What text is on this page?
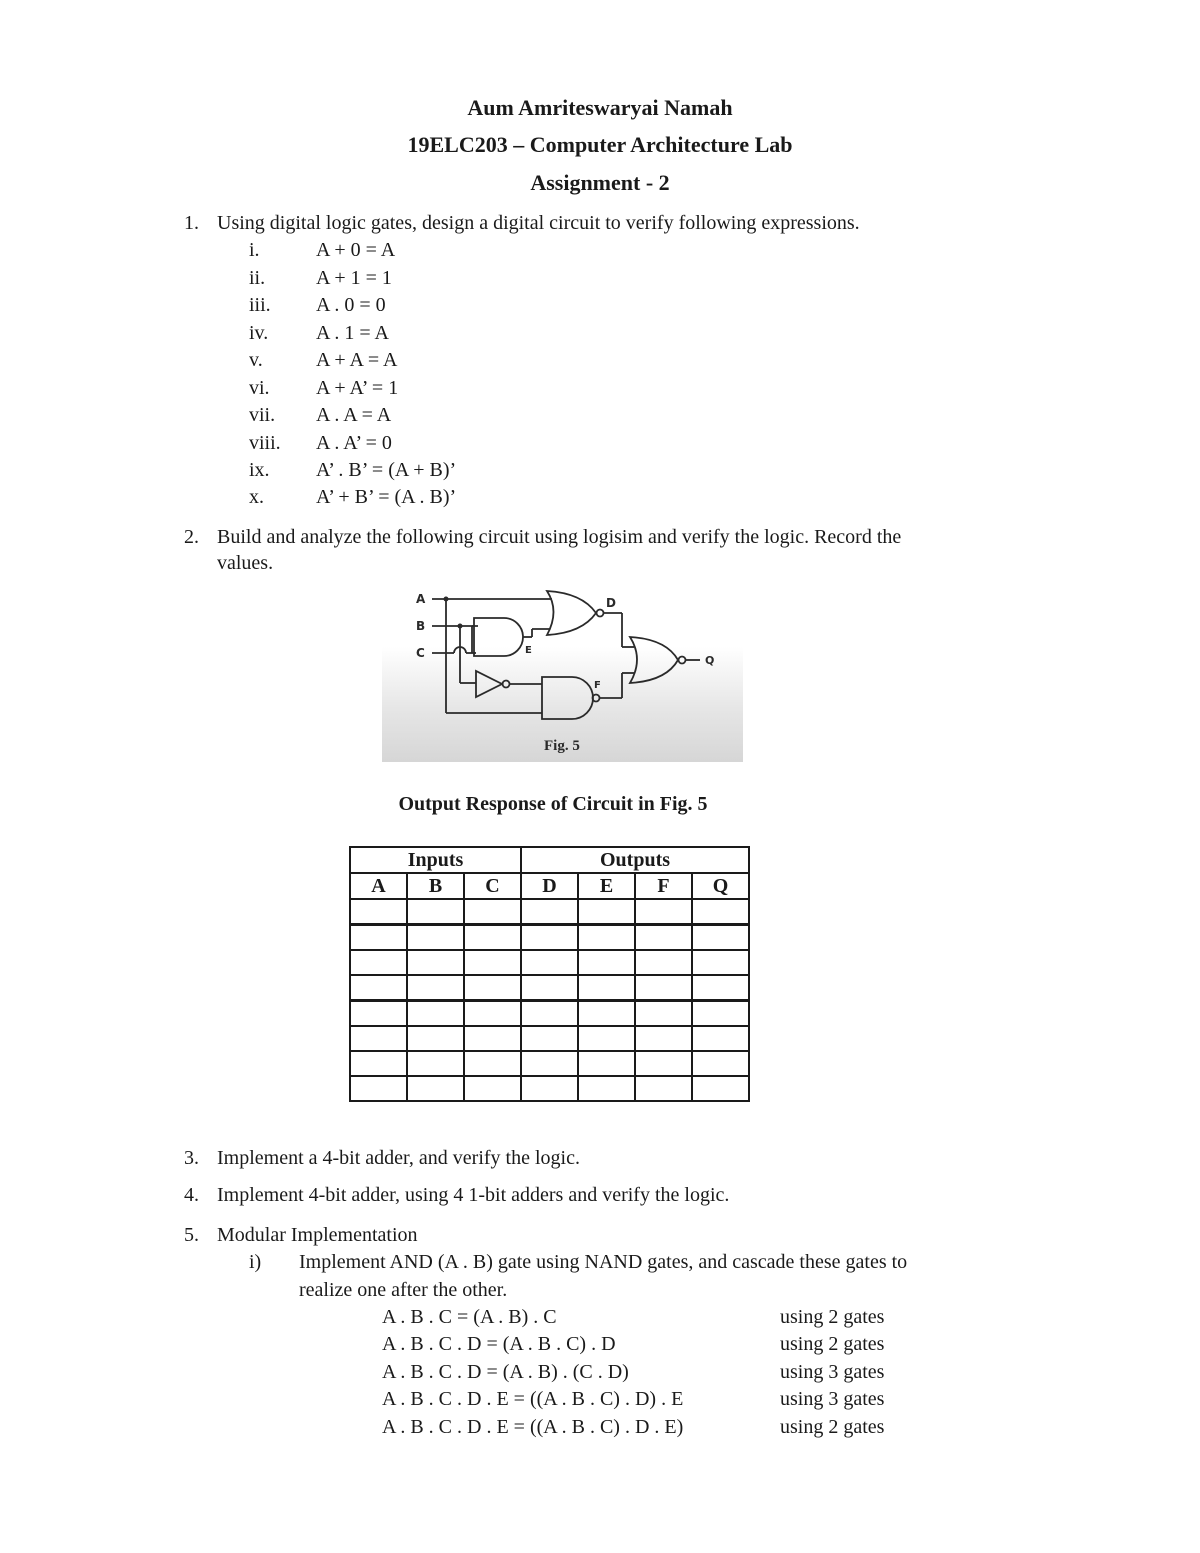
Aum Amriteswaryai Namah
19ELC203 – Computer Architecture Lab
Assignment - 2
1. Using digital logic gates, design a digital circuit to verify following expressions.
i.	A + 0 = A
ii.	A + 1 = 1
iii.	A . 0 = 0
iv.	A . 1 = A
v.	A + A = A
vi.	A + A’ = 1
vii.	A . A = A
viii.	A . A’ = 0
ix.	A’ . B’ = (A + B)’
x.	A’ + B’ = (A . B)’
2. Build and analyze the following circuit using logisim and verify the logic. Record the
values.
A
B
C
D
E
F
Q
Fig. 5
Output Response of Circuit in Fig. 5
Inputs			Outputs			
A	B	C	D	E	F	Q

3. Implement a 4-bit adder, and verify the logic.
4. Implement 4-bit adder, using 4 1-bit adders and verify the logic.
5. Modular Implementation
i) Implement AND (A . B) gate using NAND gates, and cascade these gates to
realize one after the other.
A . B . C = (A . B) . C	using 2 gates
A . B . C . D = (A . B . C) . D	using 2 gates
A . B . C . D = (A . B) . (C . D)	using 3 gates
A . B . C . D . E = ((A . B . C) . D) . E	using 3 gates
A . B . C . D . E = ((A . B . C) . D . E)	using 2 gates
